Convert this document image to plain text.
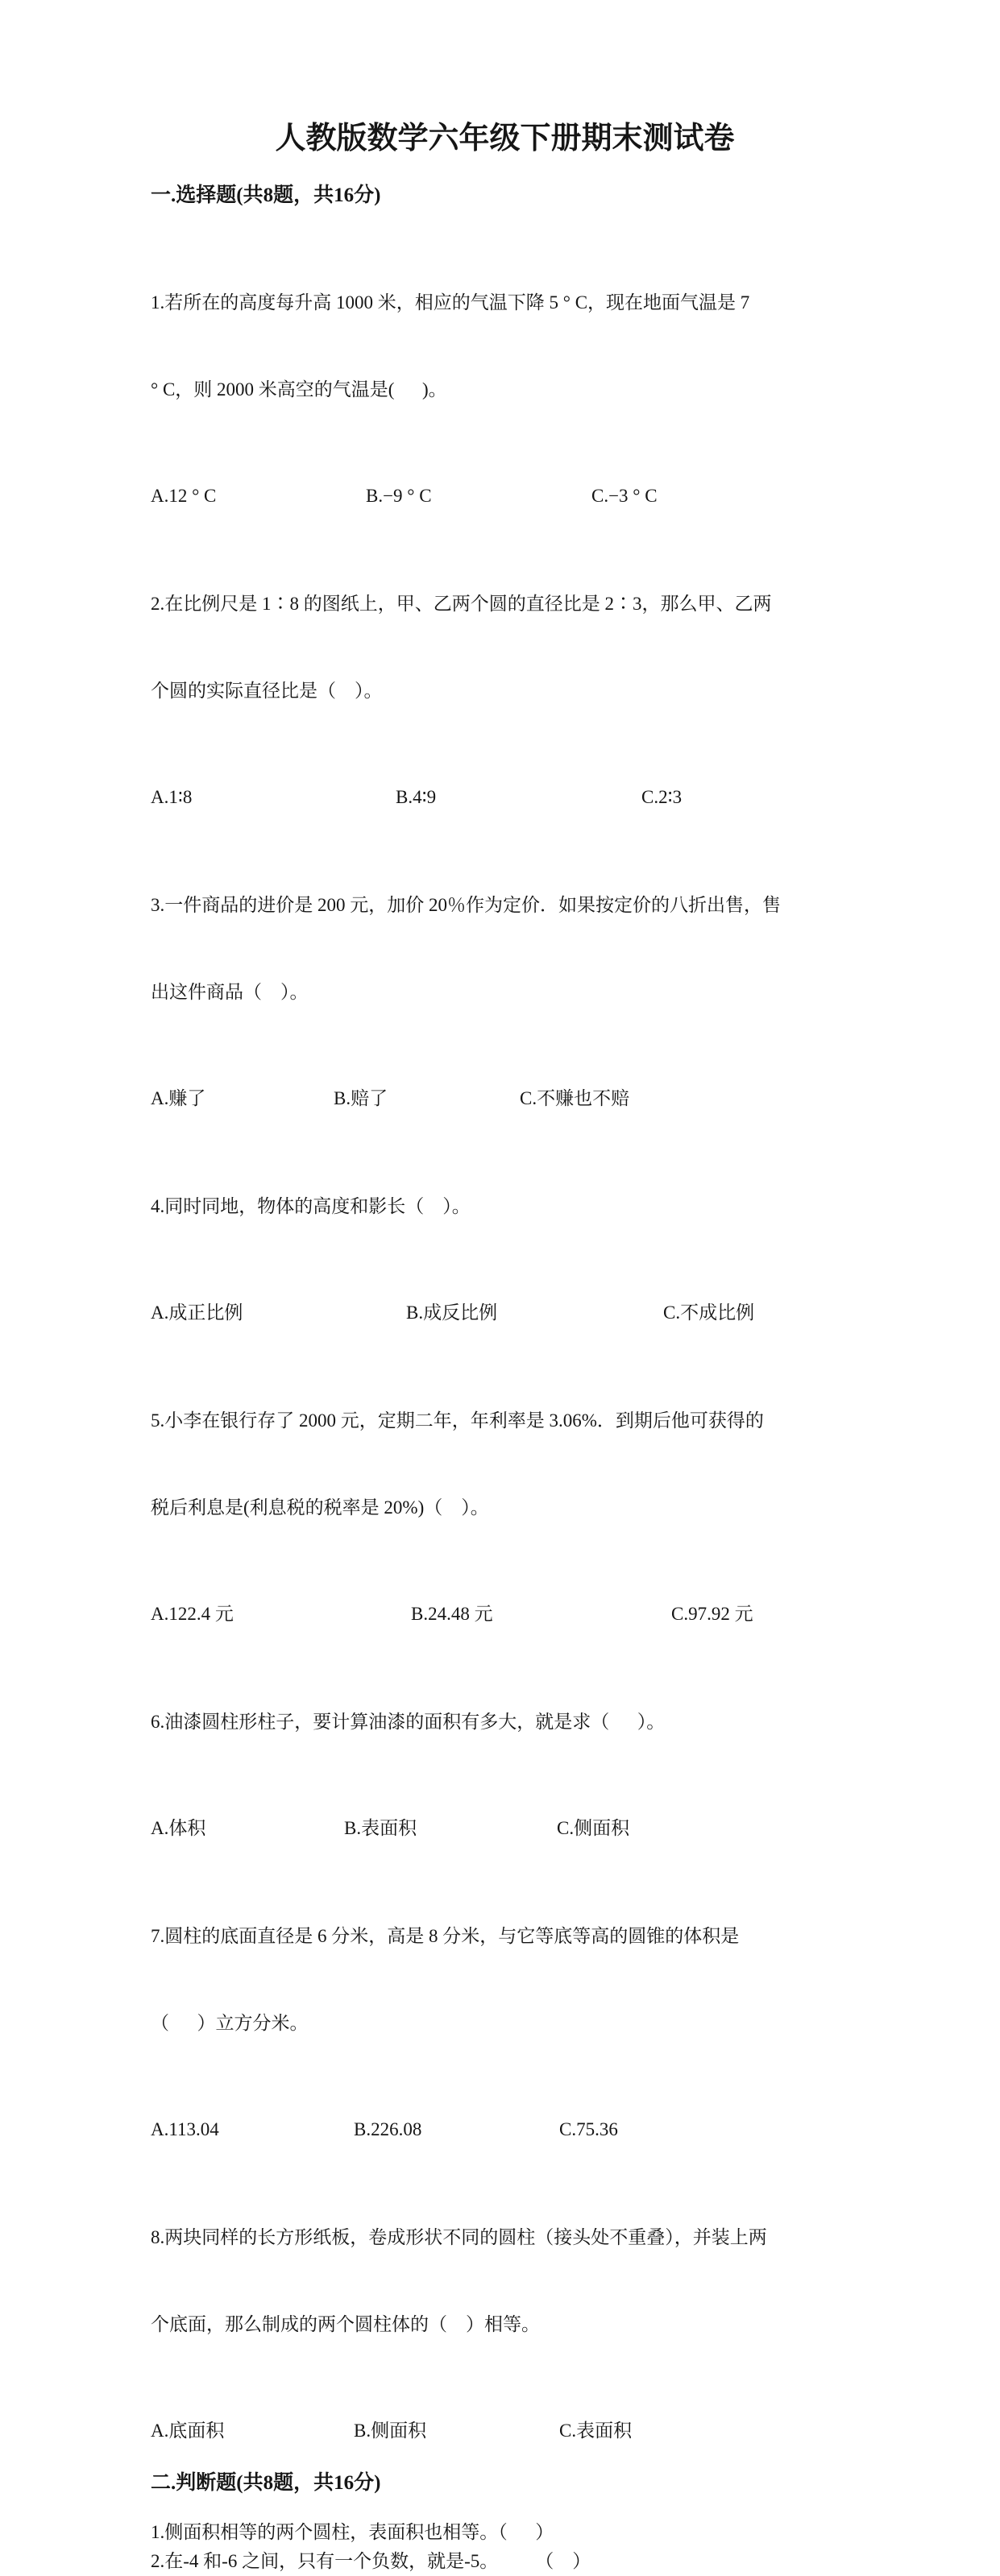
人教版数学六年级下册期末测试卷
一.选择题(共8题，共16分)

1.若所在的高度每升高 1000 米，相应的气温下降 5 ° C，现在地面气温是 7

° C，则 2000 米高空的气温是(      )。

A.12 ° C	B.−9 ° C	C.−3 ° C

2.在比例尺是 1∶8 的图纸上，甲、乙两个圆的直径比是 2∶3，那么甲、乙两

个圆的实际直径比是（    ）。

A.1∶8	B.4∶9	C.2∶3

3.一件商品的进价是 200 元，加价 20％作为定价．如果按定价的八折出售，售

出这件商品（    ）。

A.赚了	B.赔了	C.不赚也不赔

4.同时同地，物体的高度和影长（    ）。

A.成正比例	B.成反比例	C.不成比例

5.小李在银行存了 2000 元，定期二年，年利率是 3.06%．到期后他可获得的

税后利息是(利息税的税率是 20%)（    ）。

A.122.4 元	B.24.48 元	C.97.92 元

6.油漆圆柱形柱子，要计算油漆的面积有多大，就是求（      ）。

A.体积	B.表面积	C.侧面积

7.圆柱的底面直径是 6 分米，高是 8 分米，与它等底等高的圆锥的体积是

（      ）立方分米。

A.113.04	B.226.08	C.75.36

8.两块同样的长方形纸板，卷成形状不同的圆柱（接头处不重叠），并装上两

个底面，那么制成的两个圆柱体的（    ）相等。

A.底面积	B.侧面积	C.表面积
二.判断题(共8题，共16分)
1.侧面积相等的两个圆柱，表面积也相等。（      ）
2.在-4 和-6 之间，只有一个负数，就是-5。        （    ）
